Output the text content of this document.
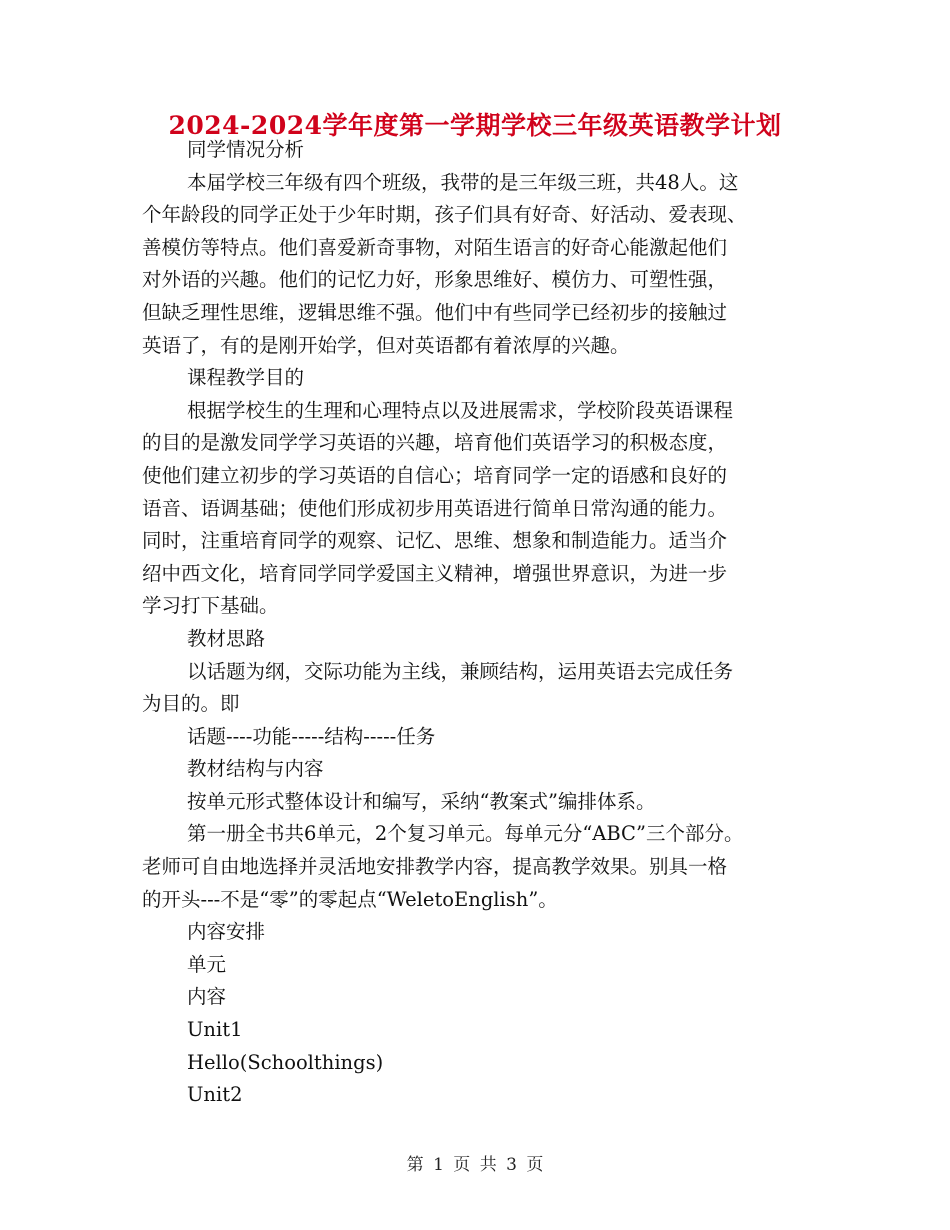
2024-2024学年度第一学期学校三年级英语教学计划
同学情况分析
本届学校三年级有四个班级，我带的是三年级三班，共48人。这
个年龄段的同学正处于少年时期，孩子们具有好奇、好活动、爱表现、
善模仿等特点。他们喜爱新奇事物，对陌生语言的好奇心能激起他们
对外语的兴趣。他们的记忆力好，形象思维好、模仿力、可塑性强，
但缺乏理性思维，逻辑思维不强。他们中有些同学已经初步的接触过
英语了，有的是刚开始学，但对英语都有着浓厚的兴趣。
课程教学目的
根据学校生的生理和心理特点以及进展需求，学校阶段英语课程
的目的是激发同学学习英语的兴趣，培育他们英语学习的积极态度，
使他们建立初步的学习英语的自信心；培育同学一定的语感和良好的
语音、语调基础；使他们形成初步用英语进行简单日常沟通的能力。
同时，注重培育同学的观察、记忆、思维、想象和制造能力。适当介
绍中西文化，培育同学同学爱国主义精神，增强世界意识，为进一步
学习打下基础。
教材思路
以话题为纲，交际功能为主线，兼顾结构，运用英语去完成任务
为目的。即
话题----功能-----结构-----任务
教材结构与内容
按单元形式整体设计和编写，采纳“教案式”编排体系。
第一册全书共6单元，2个复习单元。每单元分“ABC”三个部分。
老师可自由地选择并灵活地安排教学内容，提高教学效果。别具一格
的开头---不是“零”的零起点“WeletoEnglish”。
内容安排
单元
内容
Unit1
Hello(Schoolthings)
Unit2
第 1 页 共 3 页
